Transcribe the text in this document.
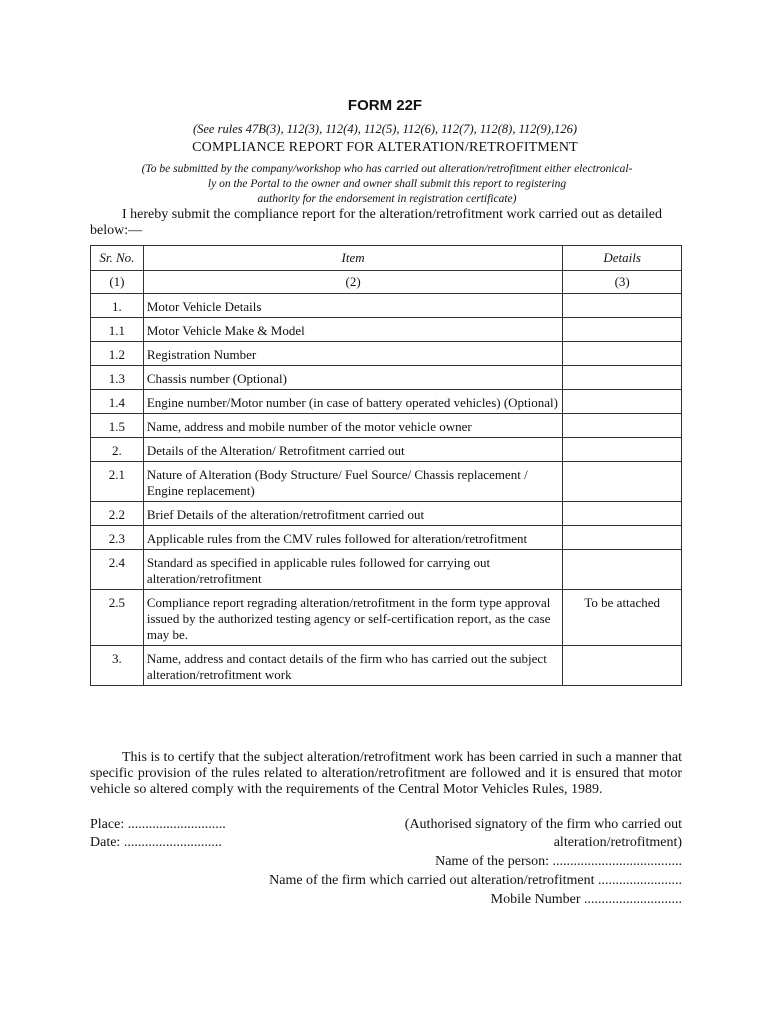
FORM 22F
(See rules 47B(3), 112(3), 112(4), 112(5), 112(6), 112(7), 112(8), 112(9),126)
COMPLIANCE REPORT FOR ALTERATION/RETROFITMENT
(To be submitted by the company/workshop who has carried out alteration/retrofitment either electronical-
ly on the Portal to the owner and owner shall submit this report to registering
authority for the endorsement in registration certificate)
I hereby submit the compliance report for the alteration/retrofitment work carried out as detailed below:—
Sr. No.	Item	Details
(1)	(2)	(3)
1.	Motor Vehicle Details	
1.1	Motor Vehicle Make & Model	
1.2	Registration Number	
1.3	Chassis number (Optional)	
1.4	Engine number/Motor number (in case of battery operated vehicles) (Optional)	
1.5	Name, address and mobile number of the motor vehicle owner	
2.	Details of the Alteration/ Retrofitment carried out	
2.1	Nature of Alteration (Body Structure/ Fuel Source/ Chassis replacement / Engine replacement)	
2.2	Brief Details of the alteration/retrofitment carried out	
2.3	Applicable rules from the CMV rules followed for alteration/retrofitment	
2.4	Standard as specified in applicable rules followed for carrying out alteration/retrofitment	
2.5	Compliance report regrading alteration/retrofitment in the form type approval issued by the authorized testing agency or self-certification report, as the case may be.	To be attached
3.	Name, address and contact details of the firm who has carried out the subject alteration/retrofitment work	
This is to certify that the subject alteration/retrofitment work has been carried in such a manner that specific provision of the rules related to alteration/retrofitment are followed and it is ensured that motor vehicle so altered comply with the requirements of the Central Motor Vehicles Rules, 1989.
Place: ............................	(Authorised signatory of the firm who carried out
Date: ............................	alteration/retrofitment)
Name of the person: .....................................
Name of the firm which carried out alteration/retrofitment ........................
Mobile Number ............................
